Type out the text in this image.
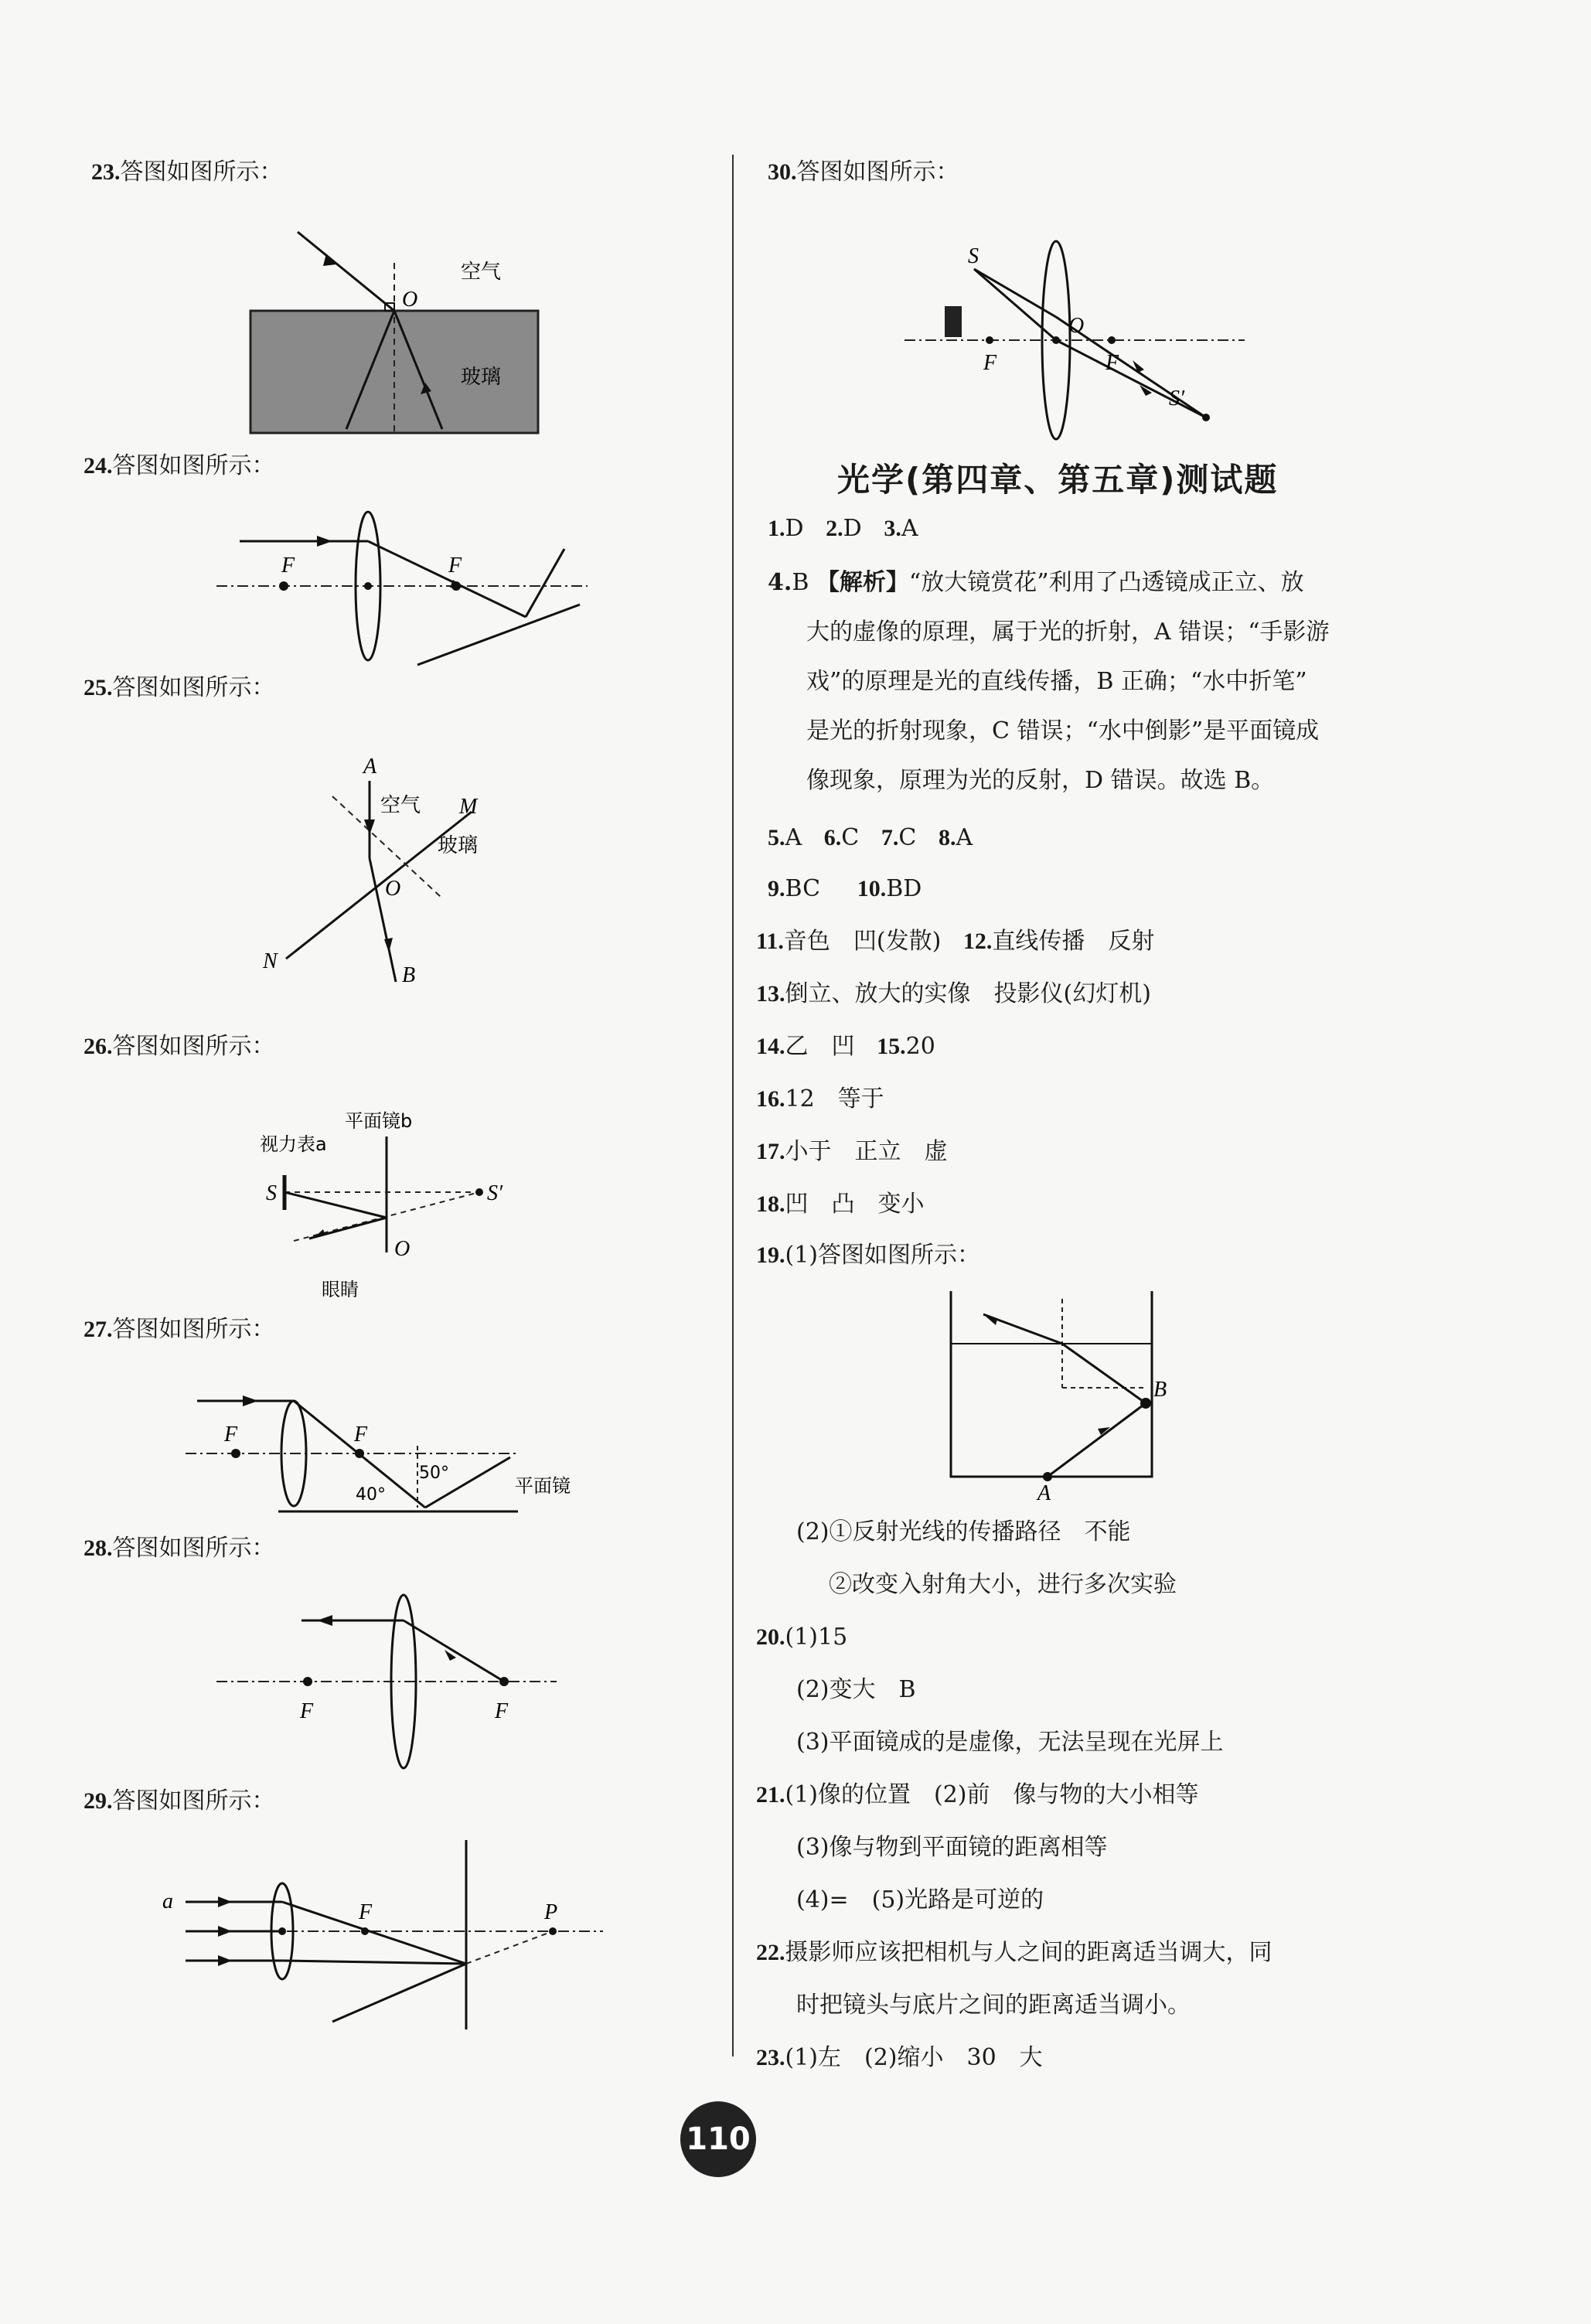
23.答图如图所示：
O
空气
玻璃
24.答图如图所示：
F	F
25.答图如图所示：
A
空气 M
玻璃
O
N
B
26.答图如图所示：
平面镜b
视力表a
S	S′
O
眼睛
27.答图如图所示：
F	F
40°
50°
平面镜
28.答图如图所示：
F	F
29.答图如图所示：
a	F	P
30.答图如图所示：
S
O
F	F
S′
光学(第四章、第五章)测试题
1.D 2.D 3.A
4.B 【解析】“放大镜赏花”利用了凸透镜成正立、放
大的虚像的原理，属于光的折射，A 错误；“手影游
戏”的原理是光的直线传播，B 正确；“水中折笔”
是光的折射现象，C 错误；“水中倒影”是平面镜成
像现象，原理为光的反射，D 错误。故选 B。
5.A 6.C 7.C 8.A
9.BC 10.BD
11.音色　凹(发散) 12.直线传播　反射
13.倒立、放大的实像　投影仪(幻灯机)
14.乙　凹 15.20
16.12　等于
17.小于　正立　虚
18.凹　凸　变小
19.(1)答图如图所示：
B
A
(2)①反射光线的传播路径　不能
②改变入射角大小，进行多次实验
20.(1)15
(2)变大　B
(3)平面镜成的是虚像，无法呈现在光屏上
21.(1)像的位置　(2)前　像与物的大小相等
(3)像与物到平面镜的距离相等
(4)=　(5)光路是可逆的
22.摄影师应该把相机与人之间的距离适当调大，同
时把镜头与底片之间的距离适当调小。
23.(1)左　(2)缩小　30　大
110
